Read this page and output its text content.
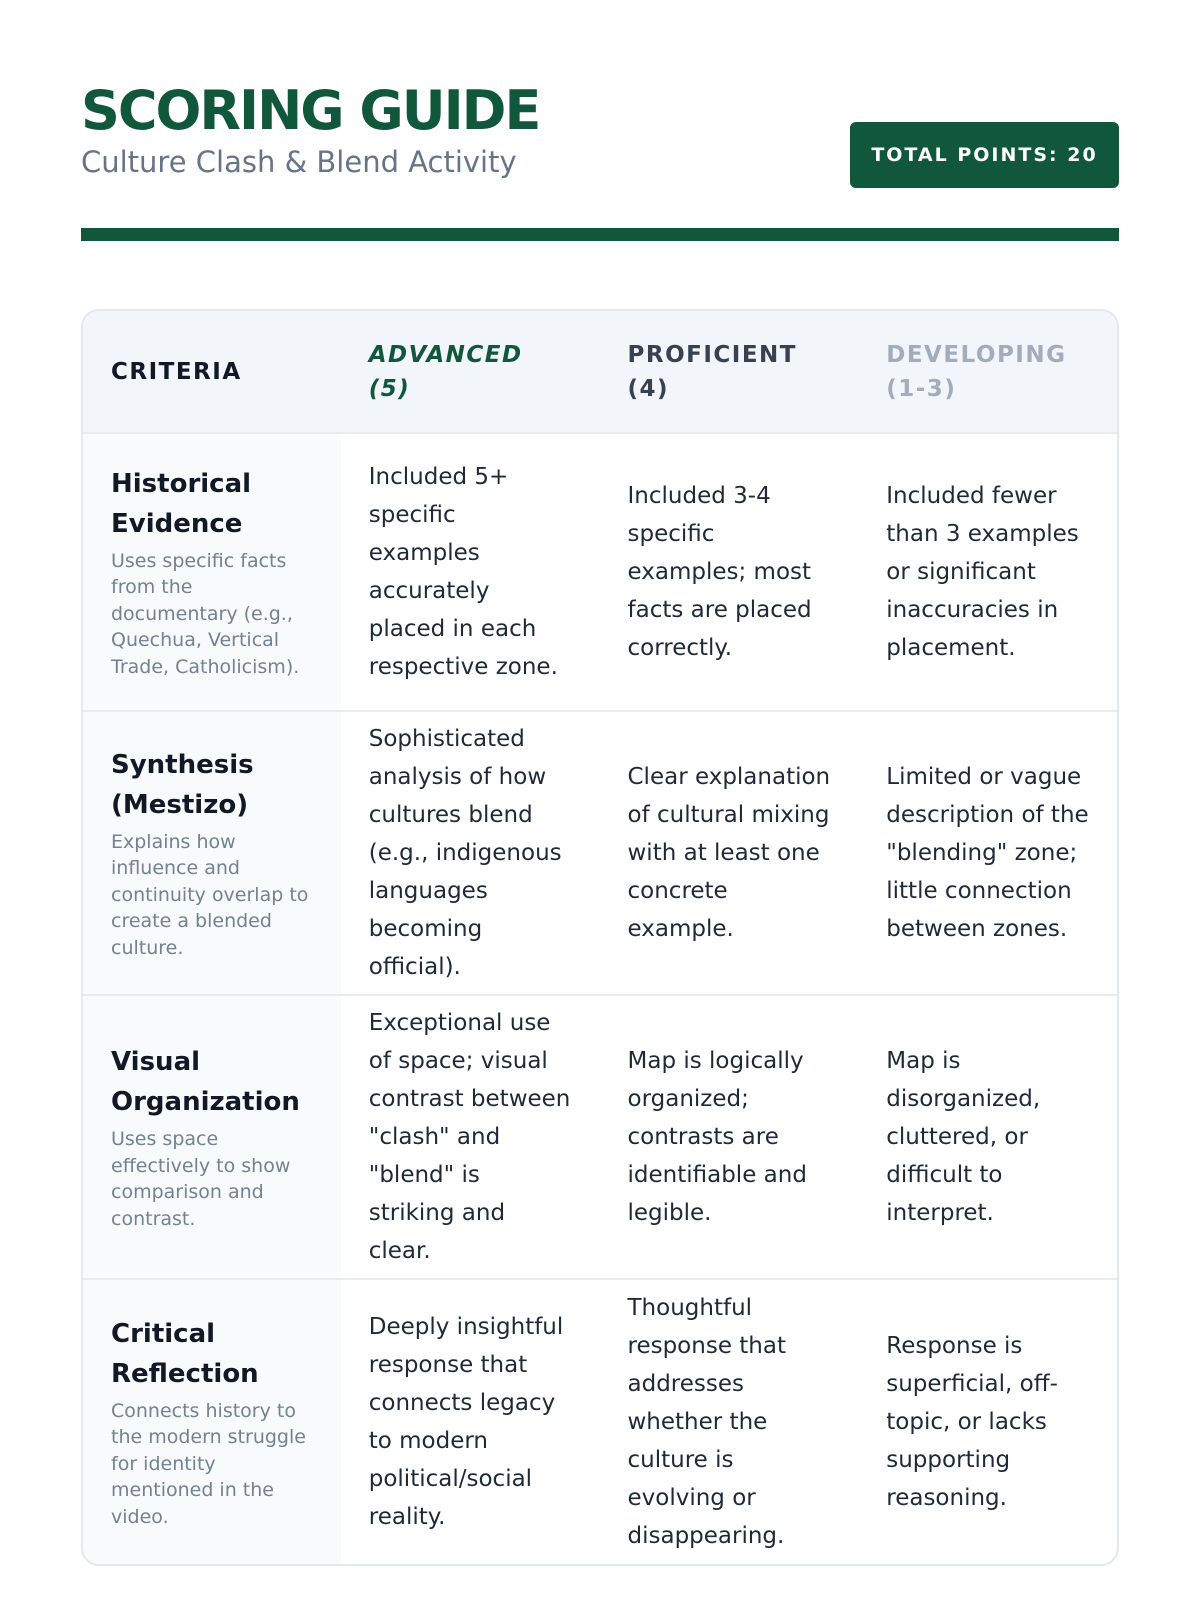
SCORING GUIDE
Culture Clash & Blend Activity	TOTAL POINTS: 20
CRITERIA
ADVANCED (5)
PROFICIENT (4)
DEVELOPING (1-3)
Historical Evidence
Uses specific facts from the documentary (e.g., Quechua, Vertical Trade, Catholicism).
Included 5+ specific examples accurately placed in each respective zone.
Included 3-4 specific examples; most facts are placed correctly.
Included fewer than 3 examples or significant inaccuracies in placement.
Synthesis (Mestizo)
Explains how influence and continuity overlap to create a blended culture.
Sophisticated analysis of how cultures blend (e.g., indigenous languages becoming official).
Clear explanation of cultural mixing with at least one concrete example.
Limited or vague description of the "blending" zone; little connection between zones.
Visual Organization
Uses space effectively to show comparison and contrast.
Exceptional use of space; visual contrast between "clash" and "blend" is striking and clear.
Map is logically organized; contrasts are identifiable and legible.
Map is disorganized, cluttered, or difficult to interpret.
Critical Reflection
Connects history to the modern struggle for identity mentioned in the video.
Deeply insightful response that connects legacy to modern political/social reality.
Thoughtful response that addresses whether the culture is evolving or disappearing.
Response is superficial, off-topic, or lacks supporting reasoning.
